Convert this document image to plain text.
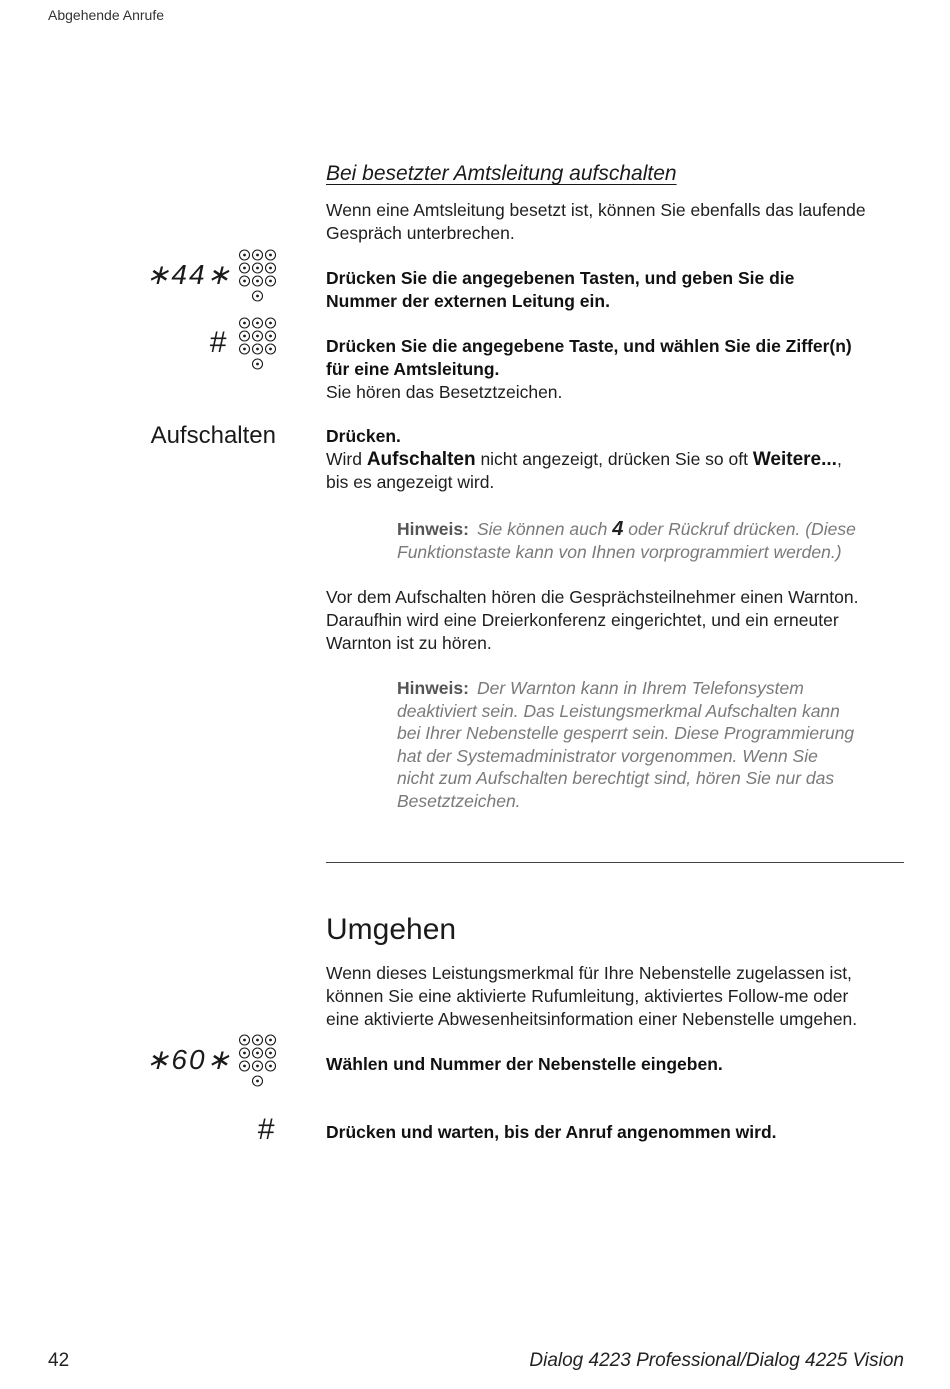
Abgehende Anrufe
Bei besetzter Amtsleitung aufschalten
Wenn eine Amtsleitung besetzt ist, können Sie ebenfalls das laufende
Gespräch unterbrechen.
∗44∗	Drücken Sie die angegebenen Tasten, und geben Sie die
Nummer der externen Leitung ein.
#	Drücken Sie die angegebene Taste, und wählen Sie die Ziffer(n)
für eine Amtsleitung.
Sie hören das Besetztzeichen.
Aufschalten	Drücken.
Wird Aufschalten nicht angezeigt, drücken Sie so oft Weitere...,
bis es angezeigt wird.
Hinweis: Sie können auch 4 oder Rückruf drücken. (Diese
Funktionstaste kann von Ihnen vorprogrammiert werden.)
Vor dem Aufschalten hören die Gesprächsteilnehmer einen Warnton.
Daraufhin wird eine Dreierkonferenz eingerichtet, und ein erneuter
Warnton ist zu hören.
Hinweis: Der Warnton kann in Ihrem Telefonsystem
deaktiviert sein. Das Leistungsmerkmal Aufschalten kann
bei Ihrer Nebenstelle gesperrt sein. Diese Programmierung
hat der Systemadministrator vorgenommen. Wenn Sie
nicht zum Aufschalten berechtigt sind, hören Sie nur das
Besetztzeichen.
Umgehen
Wenn dieses Leistungsmerkmal für Ihre Nebenstelle zugelassen ist,
können Sie eine aktivierte Rufumleitung, aktiviertes Follow-me oder
eine aktivierte Abwesenheitsinformation einer Nebenstelle umgehen.
∗60∗	Wählen und Nummer der Nebenstelle eingeben.
#	Drücken und warten, bis der Anruf angenommen wird.
42	Dialog 4223 Professional/Dialog 4225 Vision
